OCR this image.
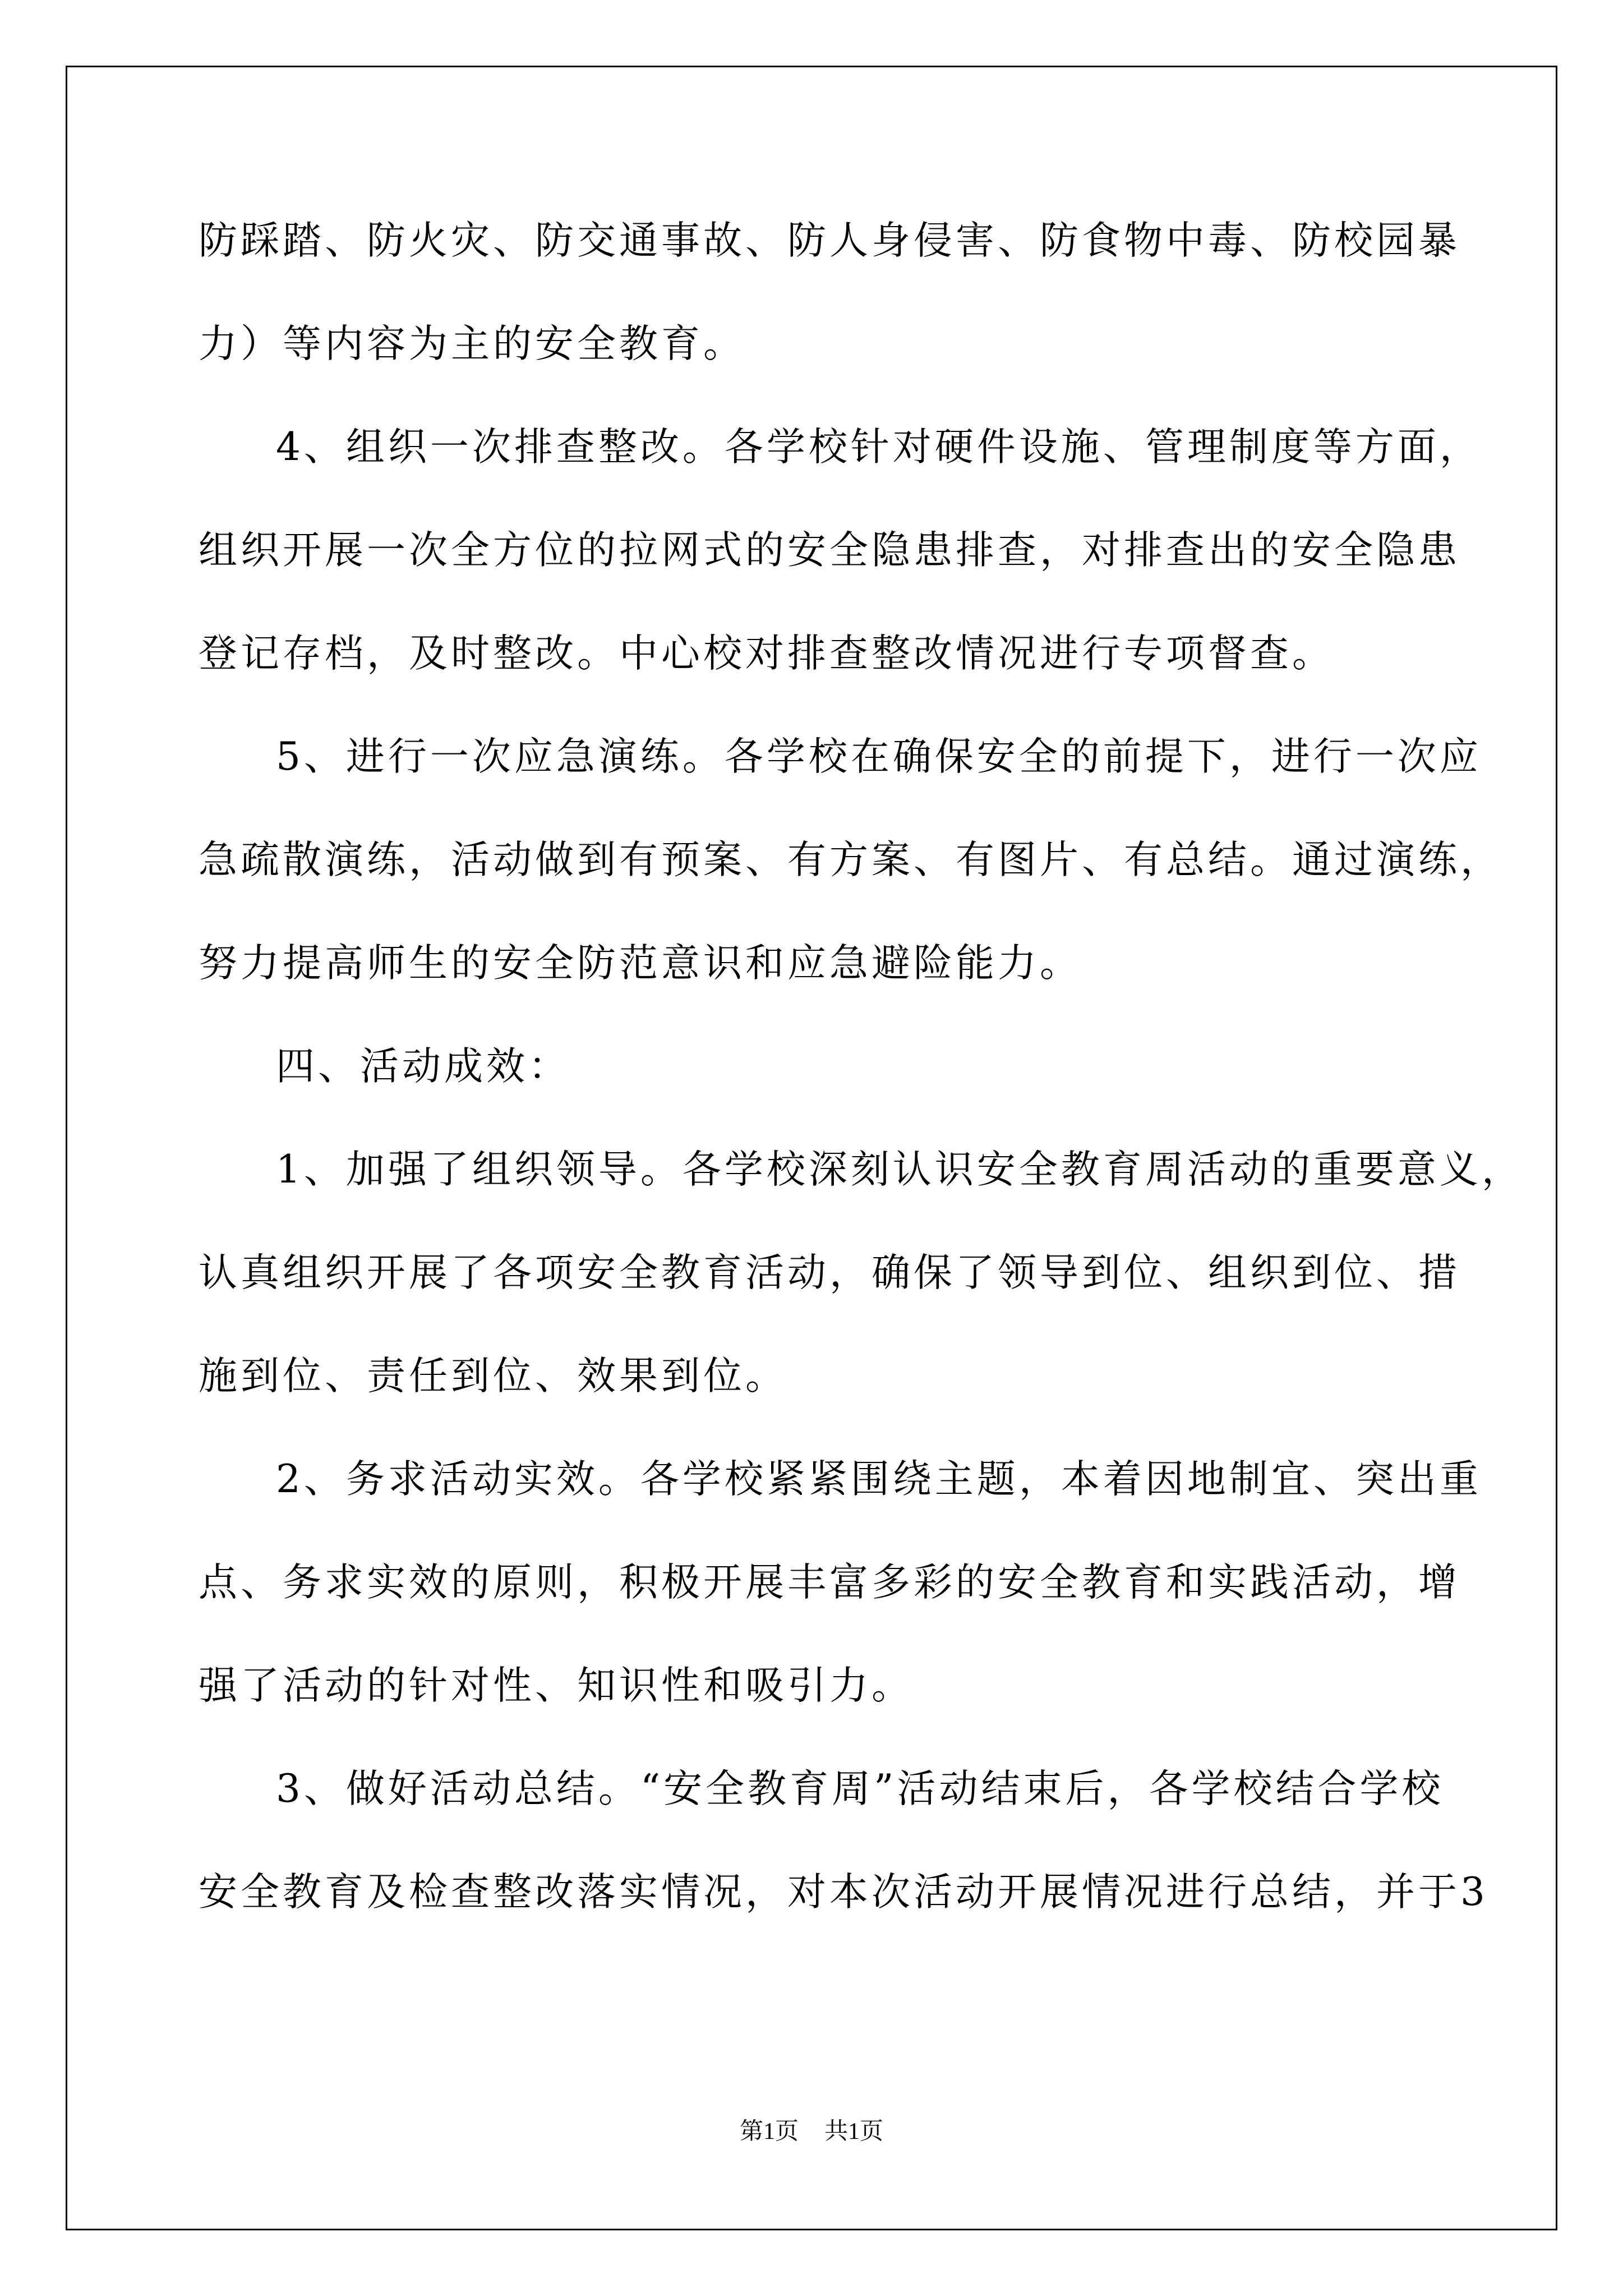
防踩踏、防火灾、防交通事故、防人身侵害、防食物中毒、防校园暴
力）等内容为主的安全教育。
4、组织一次排查整改。各学校针对硬件设施、管理制度等方面，
组织开展一次全方位的拉网式的安全隐患排查，对排查出的安全隐患
登记存档，及时整改。中心校对排查整改情况进行专项督查。
5、进行一次应急演练。各学校在确保安全的前提下，进行一次应
急疏散演练，活动做到有预案、有方案、有图片、有总结。通过演练，
努力提高师生的安全防范意识和应急避险能力。
四、活动成效：
1、加强了组织领导。各学校深刻认识安全教育周活动的重要意义，
认真组织开展了各项安全教育活动，确保了领导到位、组织到位、措
施到位、责任到位、效果到位。
2、务求活动实效。各学校紧紧围绕主题，本着因地制宜、突出重
点、务求实效的原则，积极开展丰富多彩的安全教育和实践活动，增
强了活动的针对性、知识性和吸引力。
3、做好活动总结。“安全教育周”活动结束后，各学校结合学校
安全教育及检查整改落实情况，对本次活动开展情况进行总结，并于3
第1页 共1页
